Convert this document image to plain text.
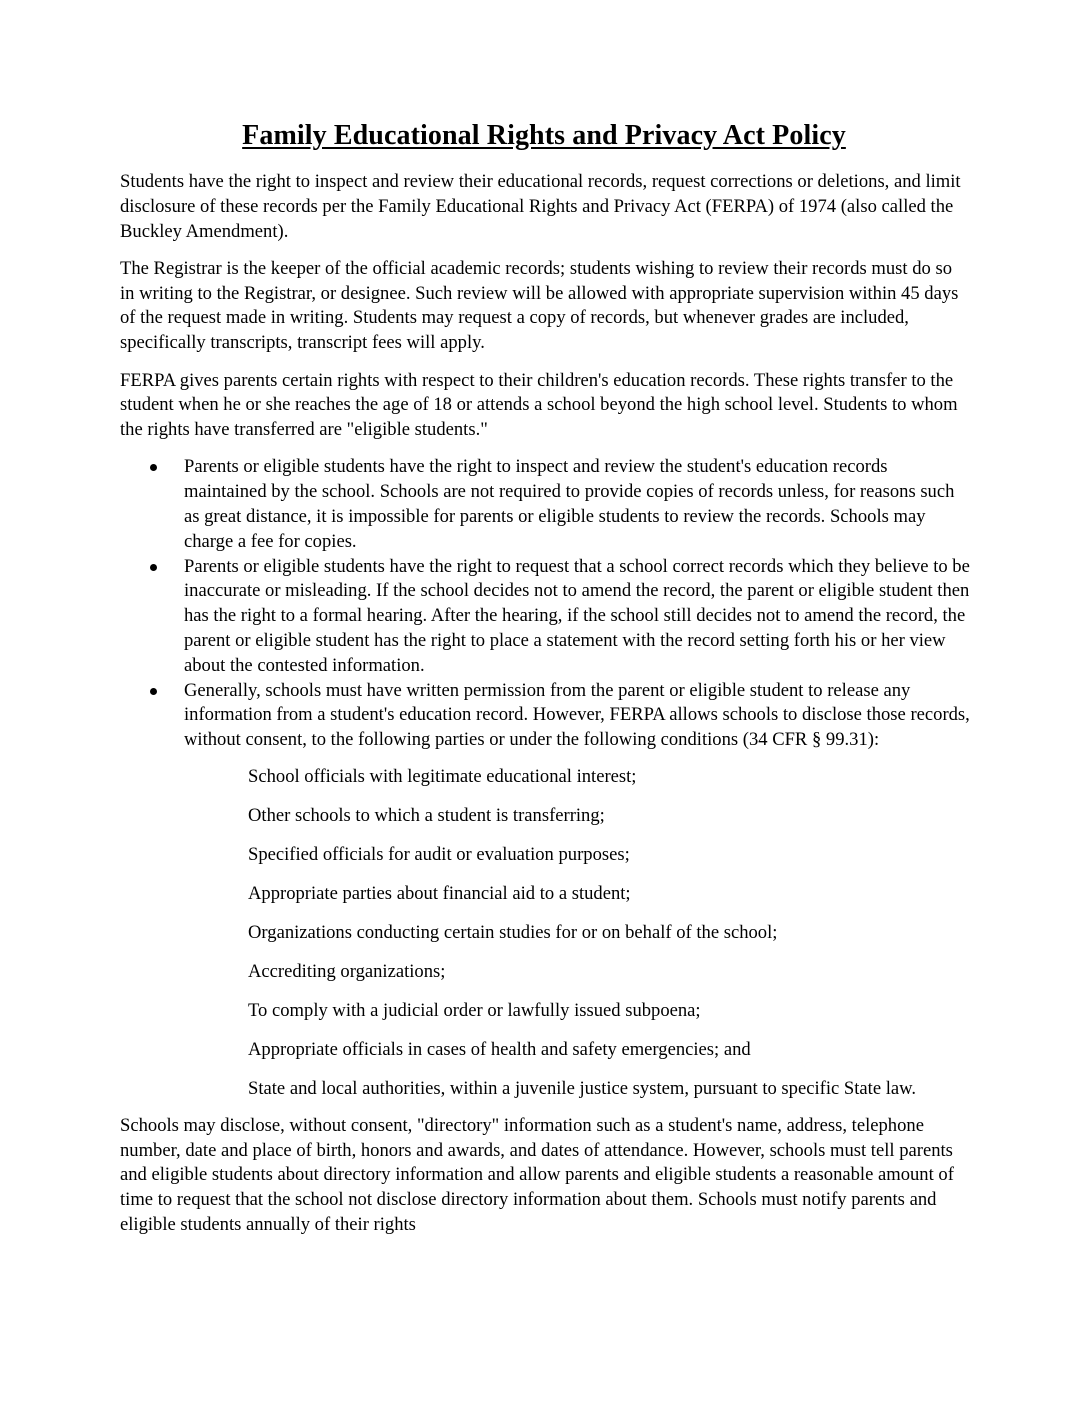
Family Educational Rights and Privacy Act Policy

Students have the right to inspect and review their educational records, request corrections or deletions, and limit disclosure of these records per the Family Educational Rights and Privacy Act (FERPA) of 1974 (also called the Buckley Amendment).

The Registrar is the keeper of the official academic records; students wishing to review their records must do so in writing to the Registrar, or designee. Such review will be allowed with appropriate supervision within 45 days of the request made in writing. Students may request a copy of records, but whenever grades are included, specifically transcripts, transcript fees will apply.

FERPA gives parents certain rights with respect to their children's education records. These rights transfer to the student when he or she reaches the age of 18 or attends a school beyond the high school level. Students to whom the rights have transferred are "eligible students."

Parents or eligible students have the right to inspect and review the student's education records maintained by the school. Schools are not required to provide copies of records unless, for reasons such as great distance, it is impossible for parents or eligible students to review the records. Schools may charge a fee for copies.
Parents or eligible students have the right to request that a school correct records which they believe to be inaccurate or misleading. If the school decides not to amend the record, the parent or eligible student then has the right to a formal hearing. After the hearing, if the school still decides not to amend the record, the parent or eligible student has the right to place a statement with the record setting forth his or her view about the contested information.
Generally, schools must have written permission from the parent or eligible student to release any information from a student's education record. However, FERPA allows schools to disclose those records, without consent, to the following parties or under the following conditions (34 CFR § 99.31):
School officials with legitimate educational interest;
Other schools to which a student is transferring;
Specified officials for audit or evaluation purposes;
Appropriate parties about financial aid to a student;
Organizations conducting certain studies for or on behalf of the school;
Accrediting organizations;
To comply with a judicial order or lawfully issued subpoena;
Appropriate officials in cases of health and safety emergencies; and
State and local authorities, within a juvenile justice system, pursuant to specific State law.

Schools may disclose, without consent, "directory" information such as a student's name, address, telephone number, date and place of birth, honors and awards, and dates of attendance. However, schools must tell parents and eligible students about directory information and allow parents and eligible students a reasonable amount of time to request that the school not disclose directory information about them. Schools must notify parents and eligible students annually of their rights
